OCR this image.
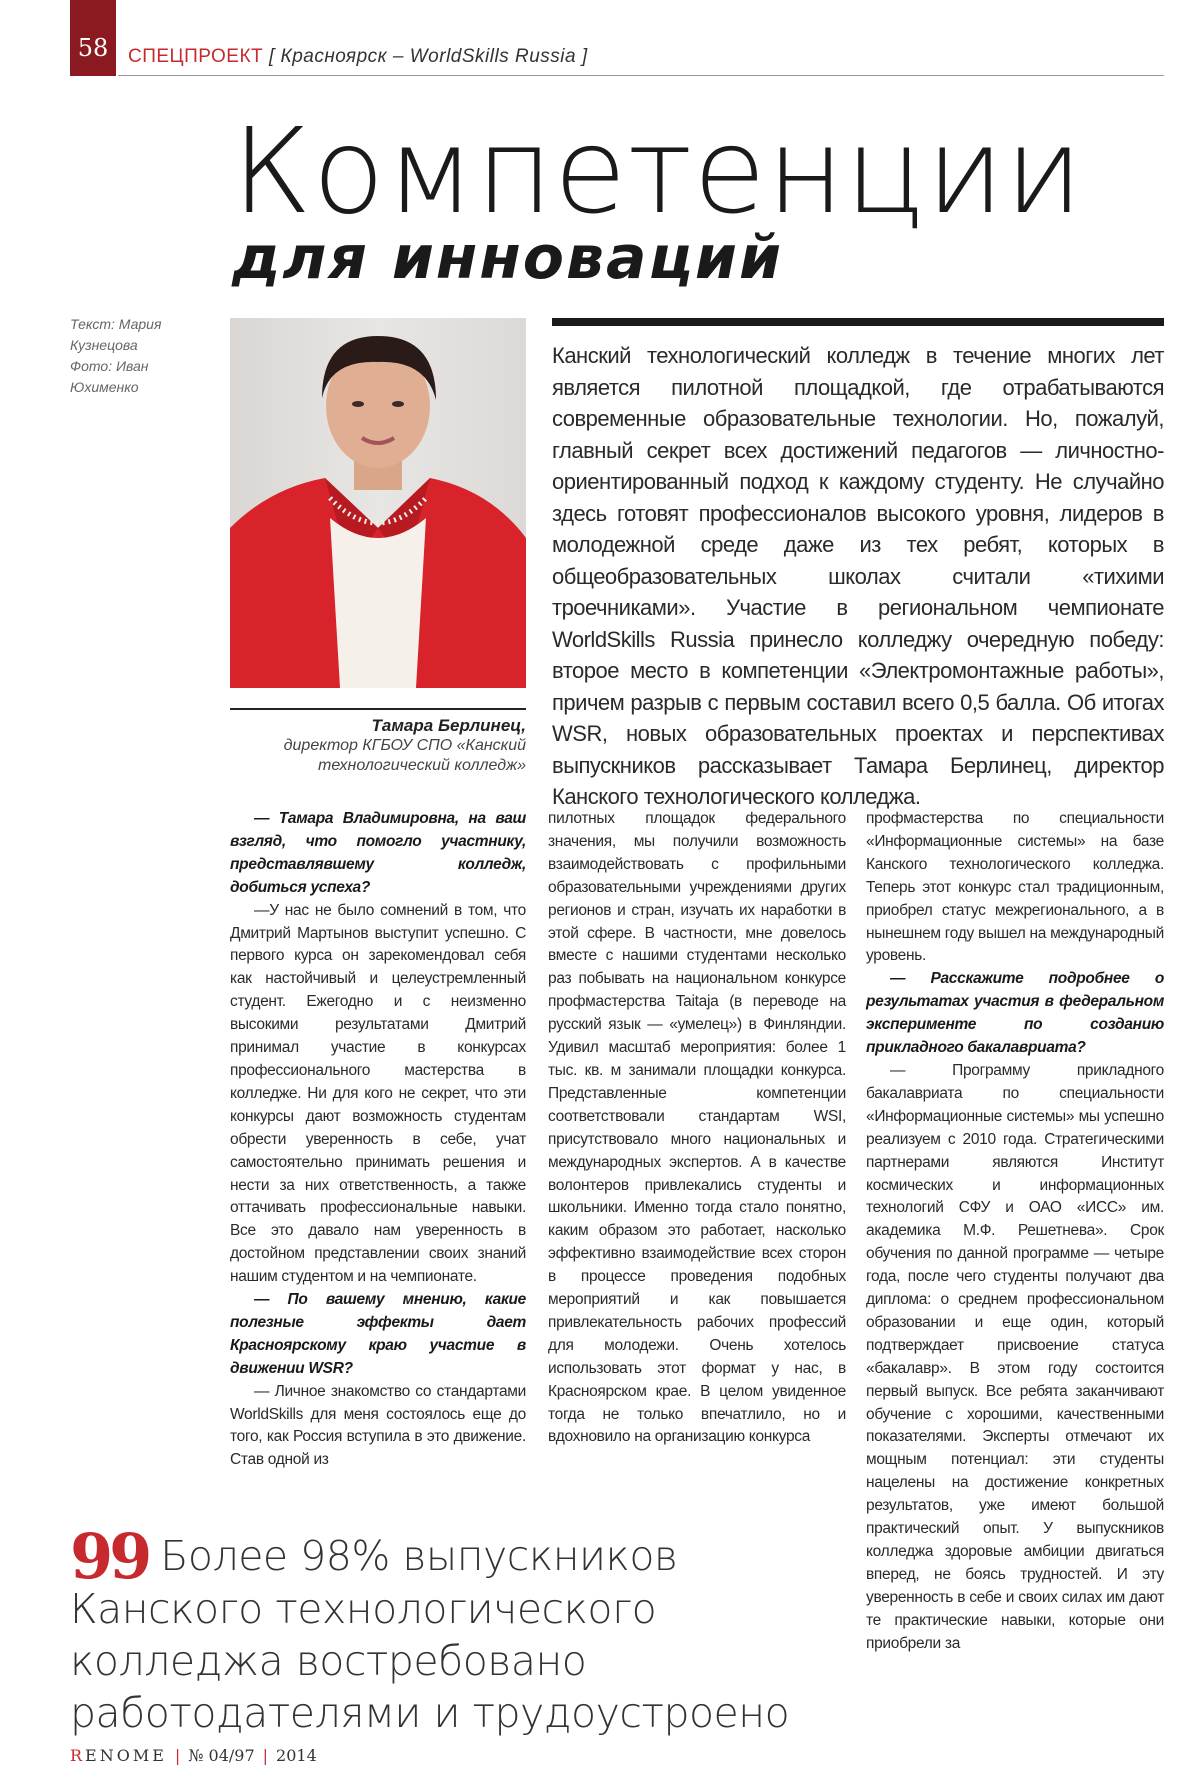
58	СПЕЦПРОЕКТ [ Красноярск – WorldSkills Russia ]
Компетенции
для инноваций
Текст: Мария
Кузнецова
Фото: Иван
Юхименко
Тамара Берлинец,
директор КГБОУ СПО «Канский технологический колледж»
Канский технологический колледж в течение многих лет является пилотной площадкой, где отрабатываются современные образовательные технологии. Но, пожалуй, главный секрет всех достижений педагогов — личностно-ориентированный подход к каждому студенту. Не случайно здесь готовят профессионалов высокого уровня, лидеров в молодежной среде даже из тех ребят, которых в общеобразовательных школах считали «тихими троечниками». Участие в региональном чемпионате WorldSkills Russia принесло колледжу очередную победу: второе место в компетенции «Электромонтажные работы», причем разрыв с первым составил всего 0,5 балла. Об итогах WSR, новых образовательных проектах и перспективах выпускников рассказывает Тамара Берлинец, директор Канского технологического колледжа.

— Тамара Владимировна, на ваш взгляд, что помогло участнику, представлявшему колледж, добиться успеха?

—У нас не было сомнений в том, что Дмитрий Мартынов выступит успешно. С первого курса он зарекомендовал себя как настойчивый и целеустремленный студент. Ежегодно и с неизменно высокими результатами Дмитрий принимал участие в конкурсах профессионального мастерства в колледже. Ни для кого не секрет, что эти конкурсы дают возможность студентам обрести уверенность в себе, учат самостоятельно принимать решения и нести за них ответственность, а также оттачивать профессиональные навыки. Все это давало нам уверенность в достойном представлении своих знаний нашим студентом и на чемпионате.

— По вашему мнению, какие полезные эффекты дает Красноярскому краю участие в движении WSR?

— Личное знакомство со стандартами WorldSkills для меня состоялось еще до того, как Россия вступила в это движение. Став одной из

пилотных площадок федерального значения, мы получили возможность взаимодействовать с профильными образовательными учреждениями других регионов и стран, изучать их наработки в этой сфере. В частности, мне довелось вместе с нашими студентами несколько раз побывать на национальном конкурсе профмастерства Taitaja (в переводе на русский язык — «умелец») в Финляндии. Удивил масштаб мероприятия: более 1 тыс. кв. м занимали площадки конкурса. Представленные компетенции соответствовали стандартам WSI, присутствовало много национальных и международных экспертов. А в качестве волонтеров привлекались студенты и школьники. Именно тогда стало понятно, каким образом это работает, насколько эффективно взаимодействие всех сторон в процессе проведения подобных мероприятий и как повышается привлекательность рабочих профессий для молодежи. Очень хотелось использовать этот формат у нас, в Красноярском крае. В целом увиденное тогда не только впечатлило, но и вдохновило на организацию конкурса

профмастерства по специальности «Информационные системы» на базе Канского технологического колледжа. Теперь этот конкурс стал традиционным, приобрел статус межрегионального, а в нынешнем году вышел на международный уровень.

— Расскажите подробнее о результатах участия в федеральном эксперименте по созданию прикладного бакалавриата?

— Программу прикладного бакалавриата по специальности «Информационные системы» мы успешно реализуем с 2010 года. Стратегическими партнерами являются Институт космических и информационных технологий СФУ и ОАО «ИСС» им. академика М.Ф. Решетнева». Срок обучения по данной программе — четыре года, после чего студенты получают два диплома: о среднем профессиональном образовании и еще один, который подтверждает присвоение статуса «бакалавр». В этом году состоится первый выпуск. Все ребята заканчивают обучение с хорошими, качественными показателями. Эксперты отмечают их мощным потенциал: эти студенты нацелены на достижение конкретных результатов, уже имеют большой практический опыт. У выпускников колледжа здоровые амбиции двигаться вперед, не боясь трудностей. И эту уверенность в себе и своих силах им дают те практические навыки, которые они приобрели за

99 Более 98% выпускников Канского технологического колледжа востребовано работодателями и трудоустроено
RENOME | № 04/97 | 2014
